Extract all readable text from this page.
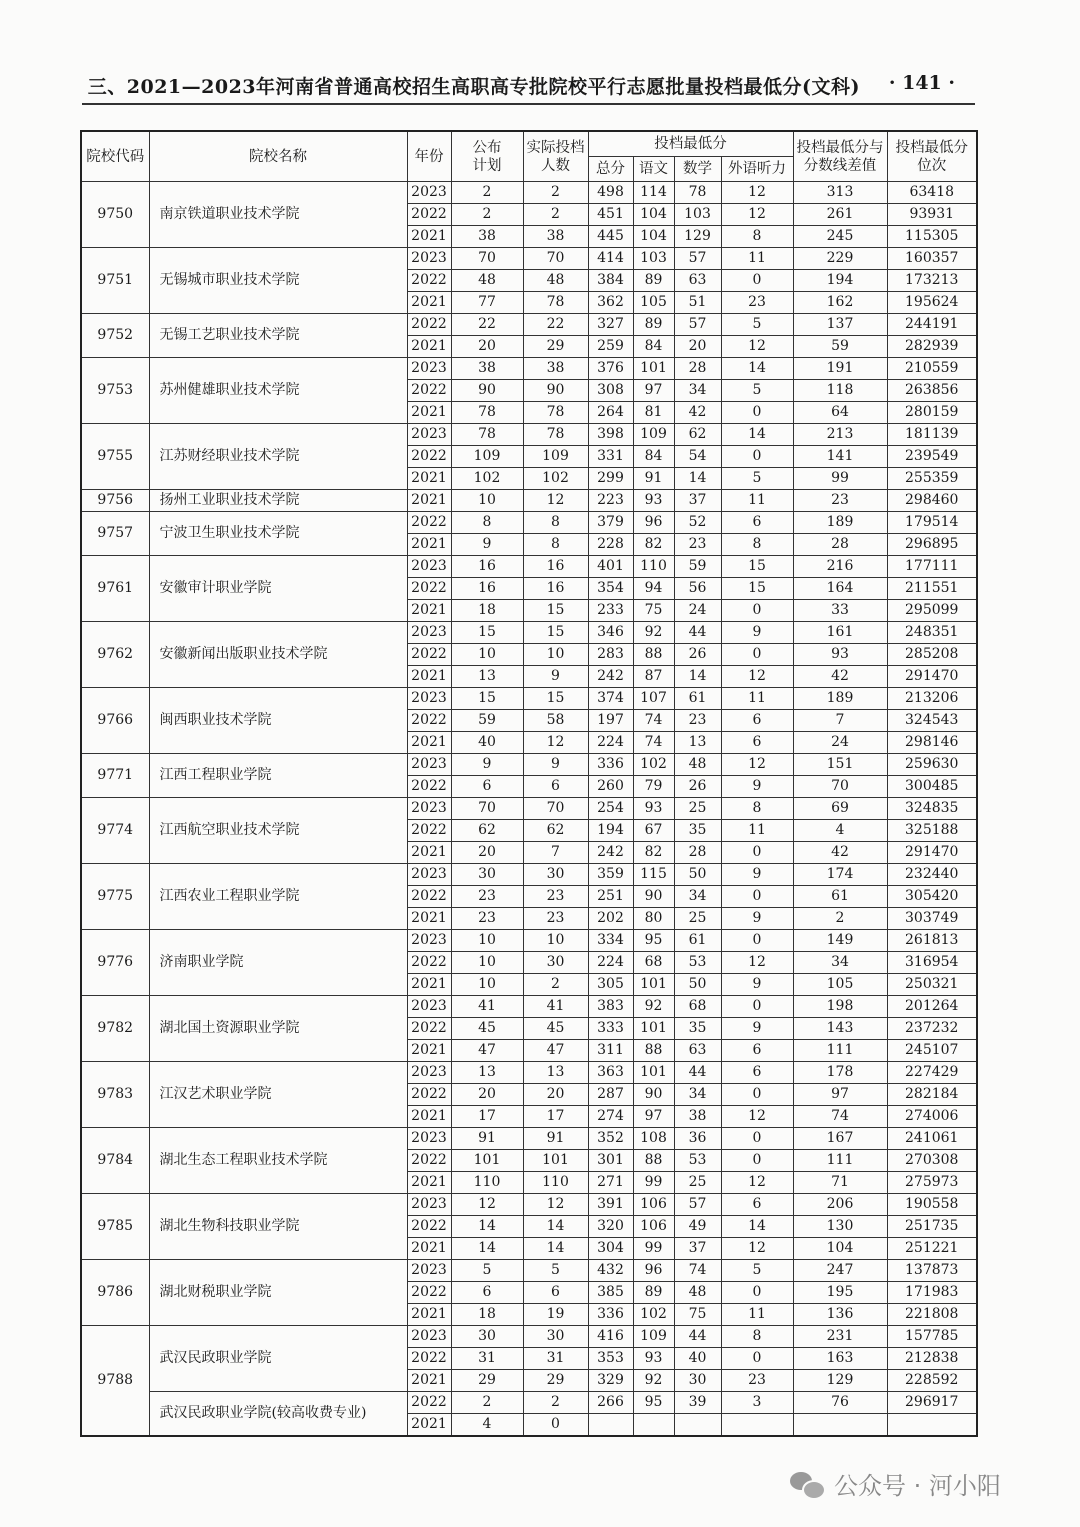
三、2021—2023年河南省普通高校招生高职高专批院校平行志愿批量投档最低分(文科) · 141 ·
院校代码	院校名称	年份	公布计划	实际投档人数	投档最低分				投档最低分与分数线差值	投档最低分位次
					总分	语文	数学	外语听力		
9750	南京铁道职业技术学院	2023	2	2	498	114	78	12	313	63418
		2022	2	2	451	104	103	12	261	93931
		2021	38	38	445	104	129	8	245	115305
9751	无锡城市职业技术学院	2023	70	70	414	103	57	11	229	160357
		2022	48	48	384	89	63	0	194	173213
		2021	77	78	362	105	51	23	162	195624
9752	无锡工艺职业技术学院	2022	22	22	327	89	57	5	137	244191
		2021	20	29	259	84	20	12	59	282939
9753	苏州健雄职业技术学院	2023	38	38	376	101	28	14	191	210559
		2022	90	90	308	97	34	5	118	263856
		2021	78	78	264	81	42	0	64	280159
9755	江苏财经职业技术学院	2023	78	78	398	109	62	14	213	181139
		2022	109	109	331	84	54	0	141	239549
		2021	102	102	299	91	14	5	99	255359
9756	扬州工业职业技术学院	2021	10	12	223	93	37	11	23	298460
9757	宁波卫生职业技术学院	2022	8	8	379	96	52	6	189	179514
		2021	9	8	228	82	23	8	28	296895
9761	安徽审计职业学院	2023	16	16	401	110	59	15	216	177111
		2022	16	16	354	94	56	15	164	211551
		2021	18	15	233	75	24	0	33	295099
9762	安徽新闻出版职业技术学院	2023	15	15	346	92	44	9	161	248351
		2022	10	10	283	88	26	0	93	285208
		2021	13	9	242	87	14	12	42	291470
9766	闽西职业技术学院	2023	15	15	374	107	61	11	189	213206
		2022	59	58	197	74	23	6	7	324543
		2021	40	12	224	74	13	6	24	298146
9771	江西工程职业学院	2023	9	9	336	102	48	12	151	259630
		2022	6	6	260	79	26	9	70	300485
9774	江西航空职业技术学院	2023	70	70	254	93	25	8	69	324835
		2022	62	62	194	67	35	11	4	325188
		2021	20	7	242	82	28	0	42	291470
9775	江西农业工程职业学院	2023	30	30	359	115	50	9	174	232440
		2022	23	23	251	90	34	0	61	305420
		2021	23	23	202	80	25	9	2	303749
9776	济南职业学院	2023	10	10	334	95	61	0	149	261813
		2022	10	30	224	68	53	12	34	316954
		2021	10	2	305	101	50	9	105	250321
9782	湖北国土资源职业学院	2023	41	41	383	92	68	0	198	201264
		2022	45	45	333	101	35	9	143	237232
		2021	47	47	311	88	63	6	111	245107
9783	江汉艺术职业学院	2023	13	13	363	101	44	6	178	227429
		2022	20	20	287	90	34	0	97	282184
		2021	17	17	274	97	38	12	74	274006
9784	湖北生态工程职业技术学院	2023	91	91	352	108	36	0	167	241061
		2022	101	101	301	88	53	0	111	270308
		2021	110	110	271	99	25	12	71	275973
9785	湖北生物科技职业学院	2023	12	12	391	106	57	6	206	190558
		2022	14	14	320	106	49	14	130	251735
		2021	14	14	304	99	37	12	104	251221
9786	湖北财税职业学院	2023	5	5	432	96	74	5	247	137873
		2022	6	6	385	89	48	0	195	171983
		2021	18	19	336	102	75	11	136	221808
9788	武汉民政职业学院	2023	30	30	416	109	44	8	231	157785
		2022	31	31	353	93	40	0	163	212838
		2021	29	29	329	92	30	23	129	228592
	武汉民政职业学院(较高收费专业)	2022	2	2	266	95	39	3	76	296917
		2021	4	0						
公众号 · 河小阳
